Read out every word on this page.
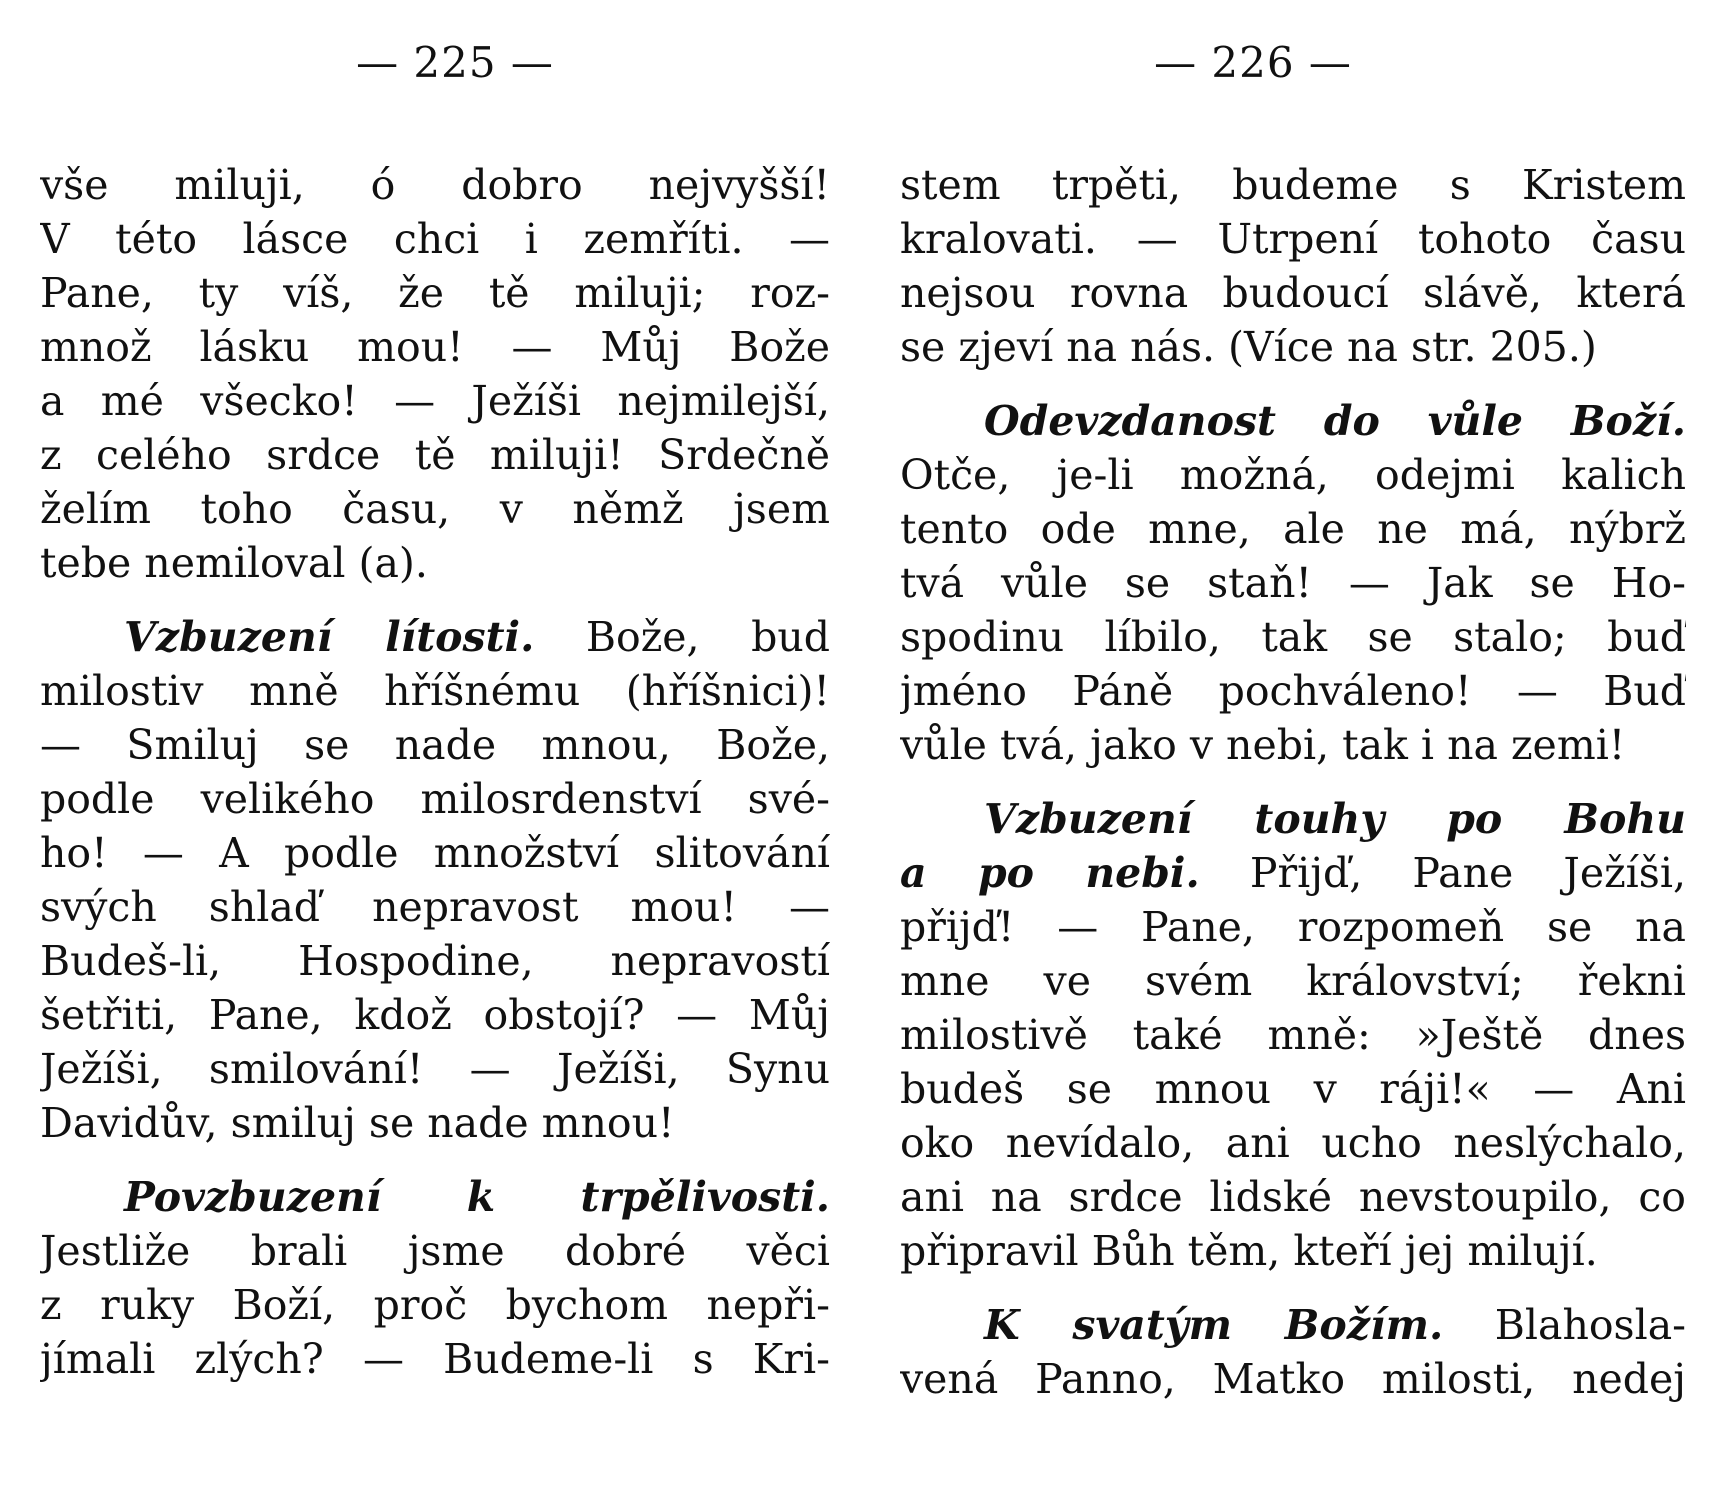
— 225 —
vše miluji, ó dobro nejvyšší!
V této lásce chci i zemříti. —
Pane, ty víš, že tě miluji; roz-
množ lásku mou! — Můj Bože
a mé všecko! — Ježíši nejmilejší,
z celého srdce tě miluji! Srdečně
želím toho času, v němž jsem
tebe nemiloval (a).
Vzbuzení lítosti. Bože, bud
milostiv mně hříšnému (hříšnici)!
— Smiluj se nade mnou, Bože,
podle velikého milosrdenství své-
ho! — A podle množství slitování
svých shlaď nepravost mou! —
Budeš-li, Hospodine, nepravostí
šetřiti, Pane, kdož obstojí? — Můj
Ježíši, smilování! — Ježíši, Synu
Davidův, smiluj se nade mnou!
Povzbuzení k trpělivosti.
Jestliže brali jsme dobré věci
z ruky Boží, proč bychom nepři-
jímali zlých? — Budeme-li s Kri-
— 226 —
stem trpěti, budeme s Kristem
kralovati. — Utrpení tohoto času
nejsou rovna budoucí slávě, která
se zjeví na nás. (Více na str. 205.)
Odevzdanost do vůle Boží.
Otče, je-li možná, odejmi kalich
tento ode mne, ale ne má, nýbrž
tvá vůle se staň! — Jak se Ho-
spodinu líbilo, tak se stalo; buď
jméno Páně pochváleno! — Buď
vůle tvá, jako v nebi, tak i na zemi!
Vzbuzení touhy po Bohu
a po nebi. Přijď, Pane Ježíši,
přijď! — Pane, rozpomeň se na
mne ve svém království; řekni
milostivě také mně: »Ještě dnes
budeš se mnou v ráji!« — Ani
oko nevídalo, ani ucho neslýchalo,
ani na srdce lidské nevstoupilo, co
připravil Bůh těm, kteří jej milují.
K svatým Božím. Blahosla-
vená Panno, Matko milosti, nedej
